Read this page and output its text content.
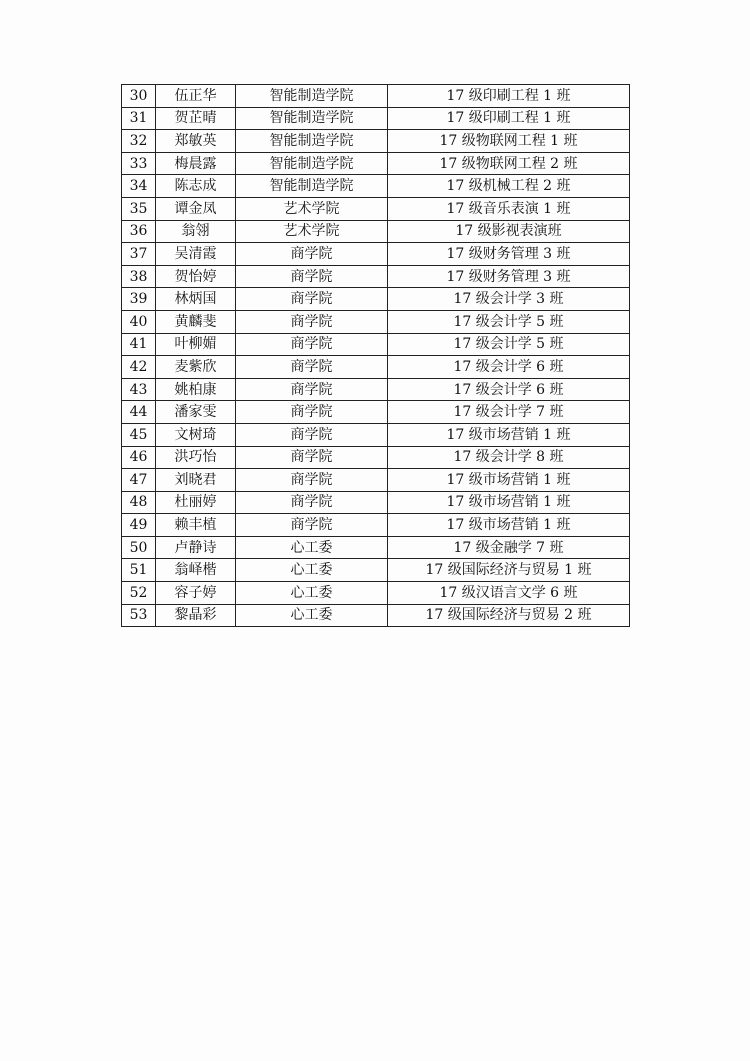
30	伍正华	智能制造学院	17 级印刷工程 1 班
31	贺芷晴	智能制造学院	17 级印刷工程 1 班
32	郑敏英	智能制造学院	17 级物联网工程 1 班
33	梅晨露	智能制造学院	17 级物联网工程 2 班
34	陈志成	智能制造学院	17 级机械工程 2 班
35	谭金凤	艺术学院	17 级音乐表演 1 班
36	翁翎	艺术学院	17 级影视表演班
37	吴清霞	商学院	17 级财务管理 3 班
38	贺怡婷	商学院	17 级财务管理 3 班
39	林炳国	商学院	17 级会计学 3 班
40	黄麟斐	商学院	17 级会计学 5 班
41	叶柳媚	商学院	17 级会计学 5 班
42	麦紫欣	商学院	17 级会计学 6 班
43	姚柏康	商学院	17 级会计学 6 班
44	潘家雯	商学院	17 级会计学 7 班
45	文树琦	商学院	17 级市场营销 1 班
46	洪巧怡	商学院	17 级会计学 8 班
47	刘晓君	商学院	17 级市场营销 1 班
48	杜丽婷	商学院	17 级市场营销 1 班
49	赖丰植	商学院	17 级市场营销 1 班
50	卢静诗	心工委	17 级金融学 7 班
51	翁峄楷	心工委	17 级国际经济与贸易 1 班
52	容子婷	心工委	17 级汉语言文学 6 班
53	黎晶彩	心工委	17 级国际经济与贸易 2 班
